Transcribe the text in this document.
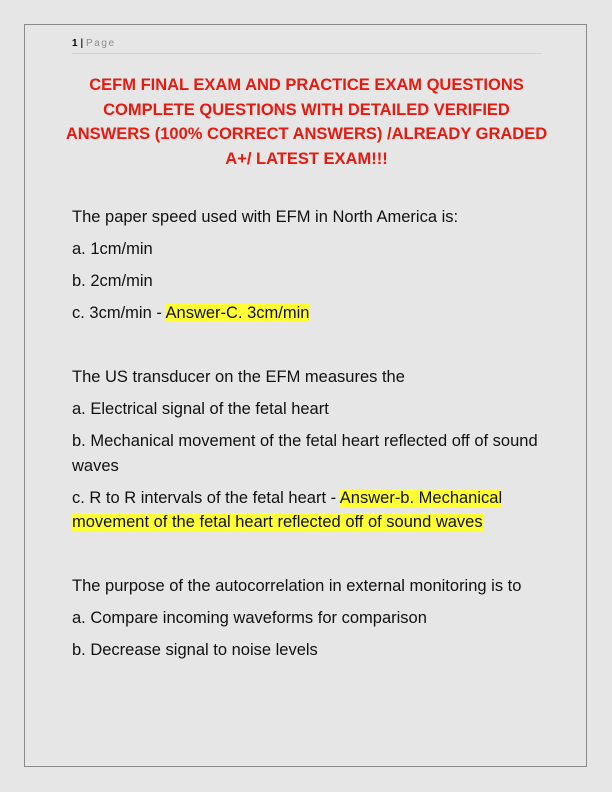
1 | Page
CEFM FINAL EXAM AND PRACTICE EXAM QUESTIONS COMPLETE QUESTIONS WITH DETAILED VERIFIED ANSWERS (100% CORRECT ANSWERS) /ALREADY GRADED A+/ LATEST EXAM!!!

The paper speed used with EFM in North America is:

a. 1cm/min

b. 2cm/min

c. 3cm/min - Answer-C. 3cm/min

The US transducer on the EFM measures the

a. Electrical signal of the fetal heart

b. Mechanical movement of the fetal heart reflected off of sound waves

c. R to R intervals of the fetal heart - Answer-b. Mechanical movement of the fetal heart reflected off of sound waves

The purpose of the autocorrelation in external monitoring is to

a. Compare incoming waveforms for comparison

b. Decrease signal to noise levels
